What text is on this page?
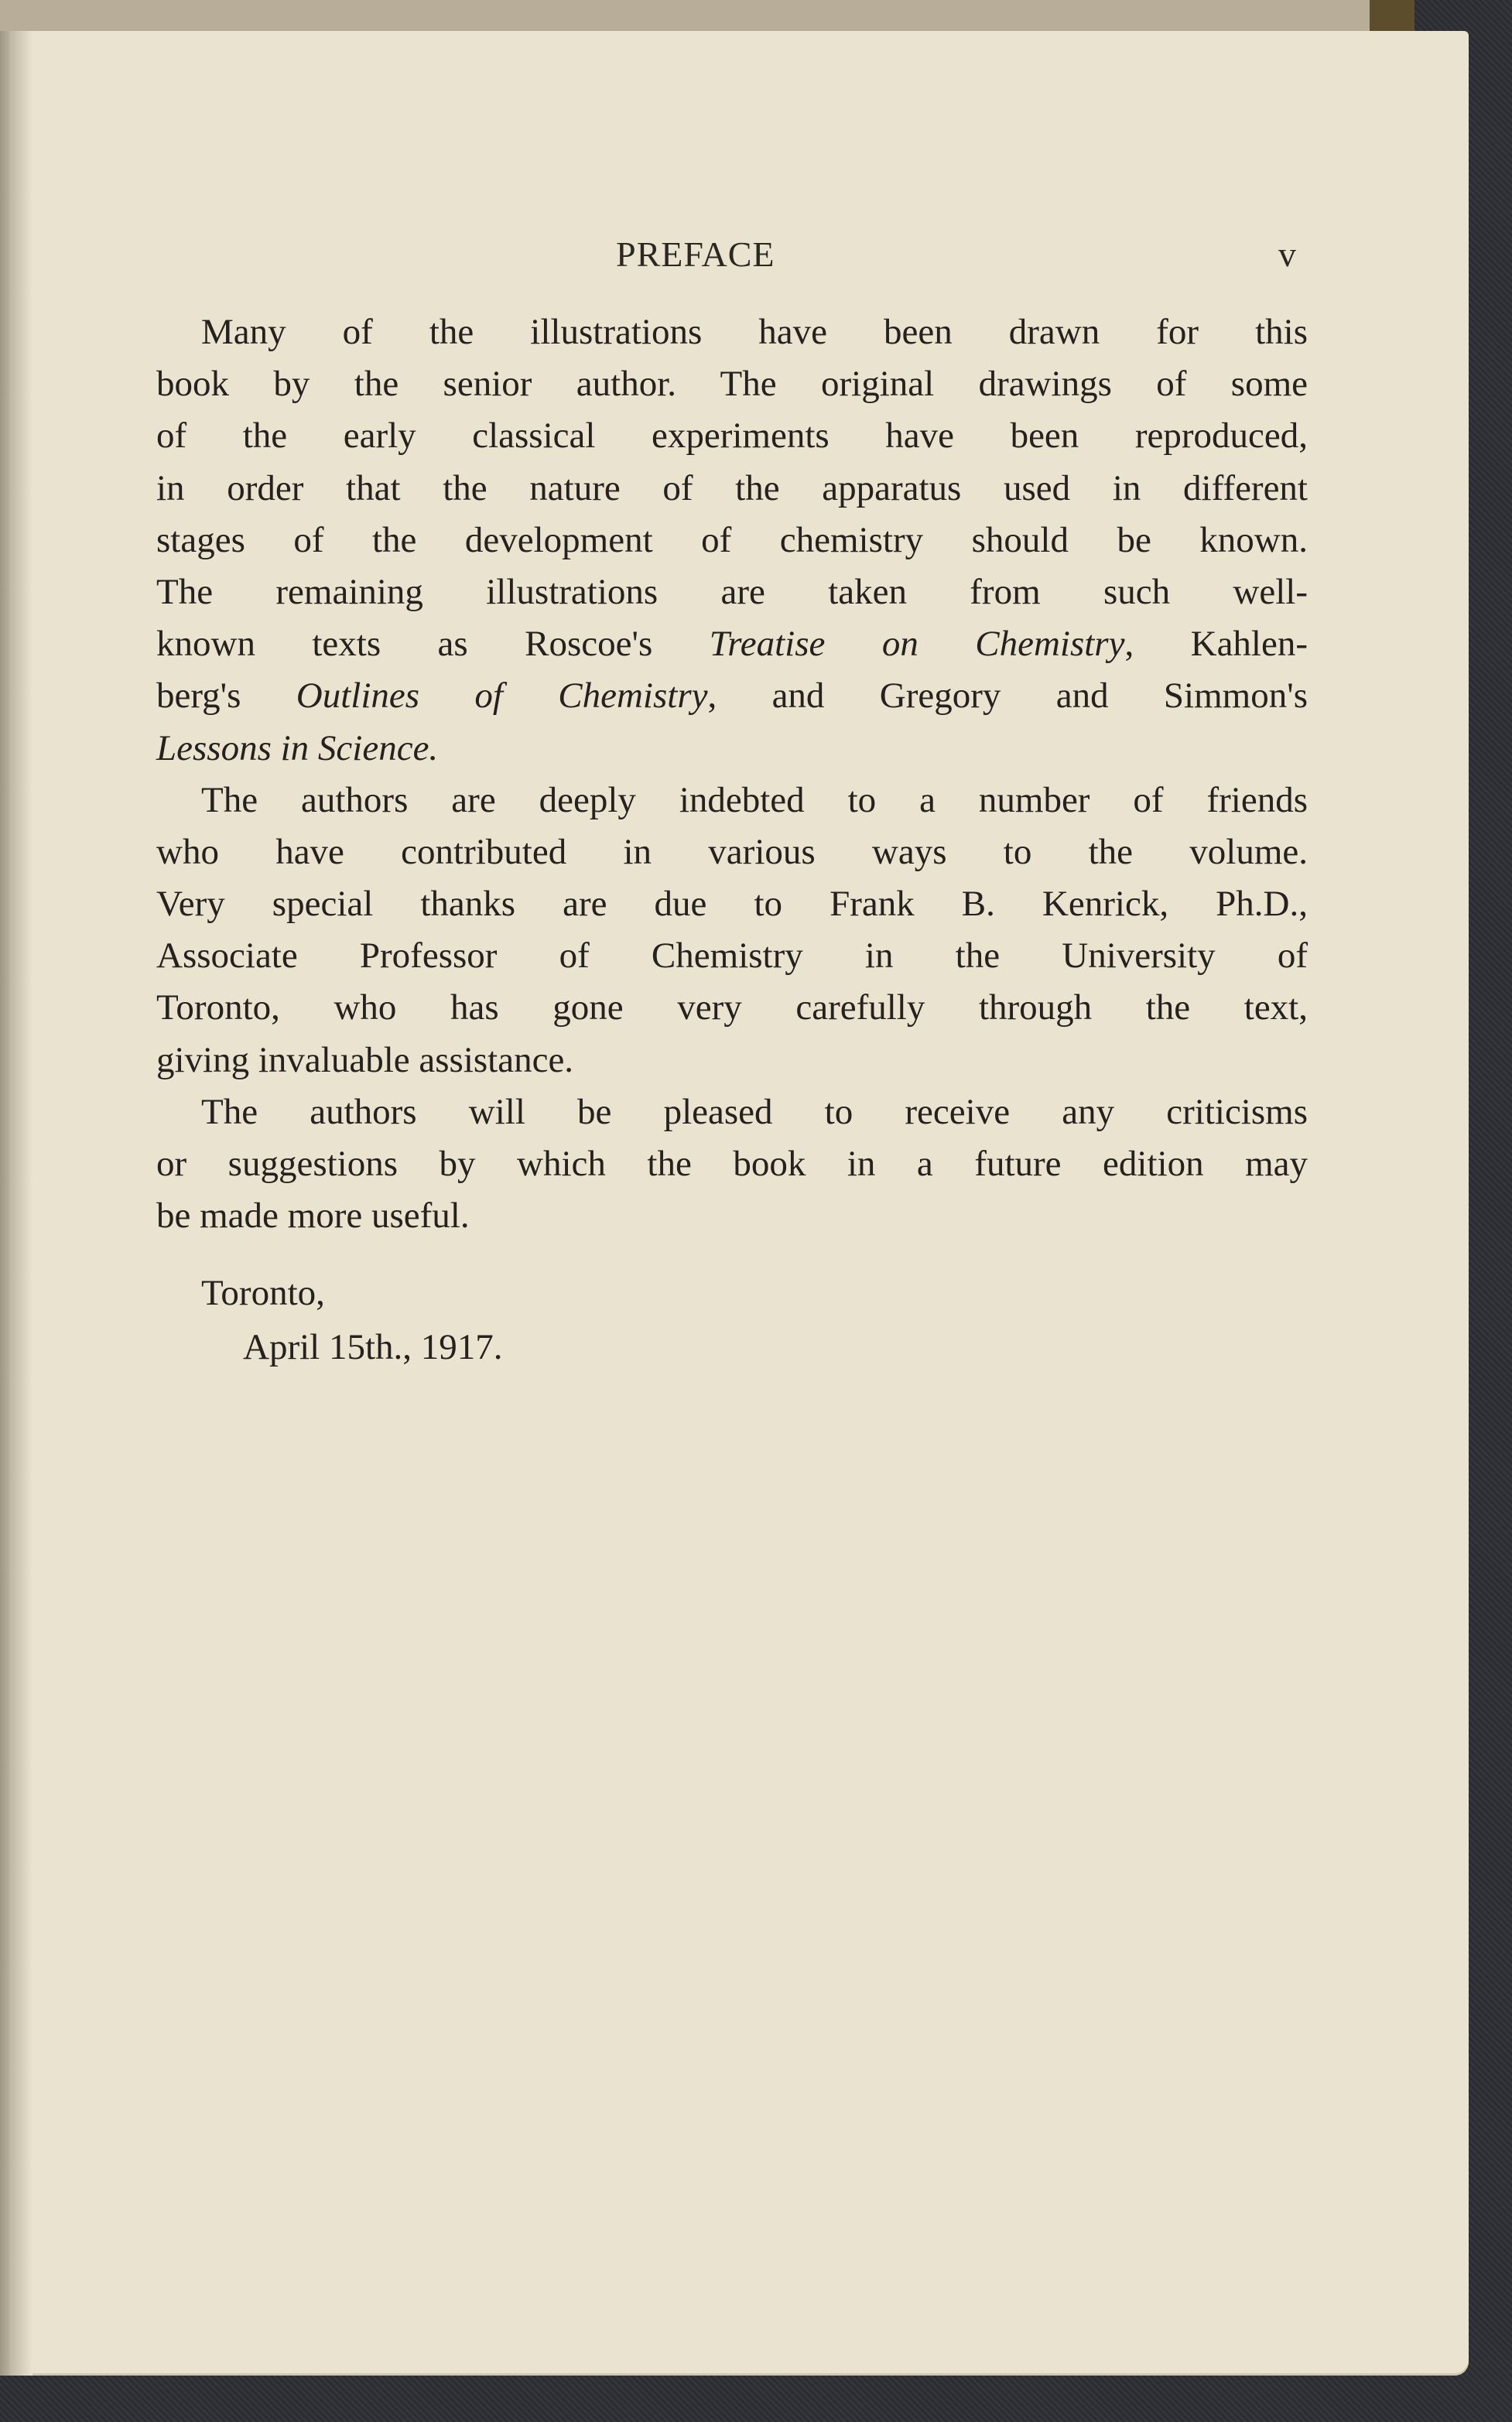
PREFACE	v
Many of the illustrations have been drawn for this
book by the senior author. The original drawings of some
of the early classical experiments have been reproduced,
in order that the nature of the apparatus used in different
stages of the development of chemistry should be known.
The remaining illustrations are taken from such well-
known texts as Roscoe's Treatise on Chemistry, Kahlen-
berg's Outlines of Chemistry, and Gregory and Simmon's
Lessons in Science.
The authors are deeply indebted to a number of friends
who have contributed in various ways to the volume.
Very special thanks are due to Frank B. Kenrick, Ph.D.,
Associate Professor of Chemistry in the University of
Toronto, who has gone very carefully through the text,
giving invaluable assistance.
The authors will be pleased to receive any criticisms
or suggestions by which the book in a future edition may
be made more useful.
Toronto,
April 15th., 1917.
